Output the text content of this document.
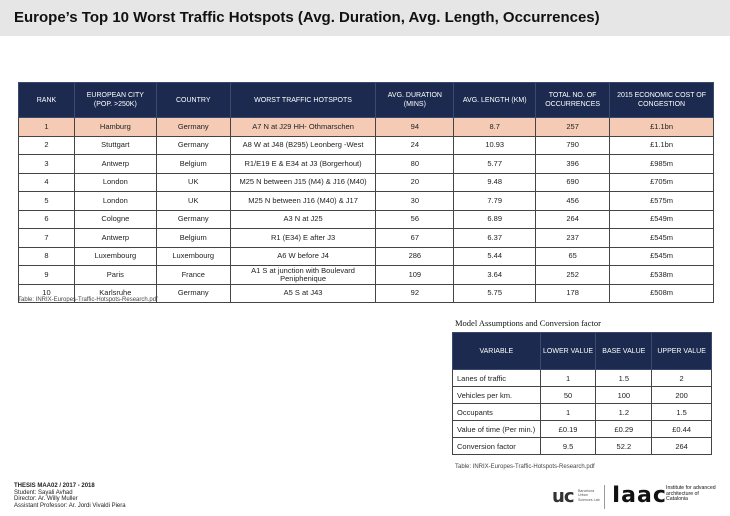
Europe’s Top 10 Worst Traffic Hotspots (Avg. Duration, Avg. Length, Occurrences)
RANK	EUROPEAN CITY (POP. >250K)	COUNTRY	WORST TRAFFIC HOTSPOTS	AVG. DURATION (MINS)	AVG. LENGTH (KM)	TOTAL NO. OF OCCURRENCES	2015 ECONOMIC COST OF CONGESTION
1	Hamburg	Germany	A7 N at J29 HH- Othmarschen	94	8.7	257	£1.1bn
2	Stuttgart	Germany	A8 W at J48 (B295) Leonberg -West	24	10.93	790	£1.1bn
3	Antwerp	Belgium	R1/E19 E & E34 at J3 (Borgerhout)	80	5.77	396	£985m
4	London	UK	M25 N between J15 (M4) & J16 (M40)	20	9.48	690	£705m
5	London	UK	M25 N between J16 (M40) & J17	30	7.79	456	£575m
6	Cologne	Germany	A3 N at J25	56	6.89	264	£549m
7	Antwerp	Belgium	R1 (E34) E after J3	67	6.37	237	£545m
8	Luxembourg	Luxembourg	A6 W before J4	286	5.44	65	£545m
9	Paris	France	A1 S at junction with Boulevard Peniphenique	109	3.64	252	£538m
10	Karlsruhe	Germany	A5 S at J43	92	5.75	178	£508m
Table: INRIX-Europes-Traffic-Hotspots-Research.pdf
Model Assumptions and Conversion factor
VARIABLE	LOWER VALUE	BASE VALUE	UPPER VALUE
Lanes of traffic	1	1.5	2
Vehicles per km.	50	100	200
Occupants	1	1.2	1.5
Value of time (Per min.)	£0.19	£0.29	£0.44
Conversion factor	9.5	52.2	264
Table: INRIX-Europes-Traffic-Hotspots-Research.pdf
THESIS MAA02 / 2017 - 2018
Student: Sayali Avhad
Director: Ar. Willy Muller
Assistant Professor: Ar. Jordi Vivaldi Piera	uc Barcelona Urban Sciences Lab Iaac Institute for advanced architecture of Catalonia
